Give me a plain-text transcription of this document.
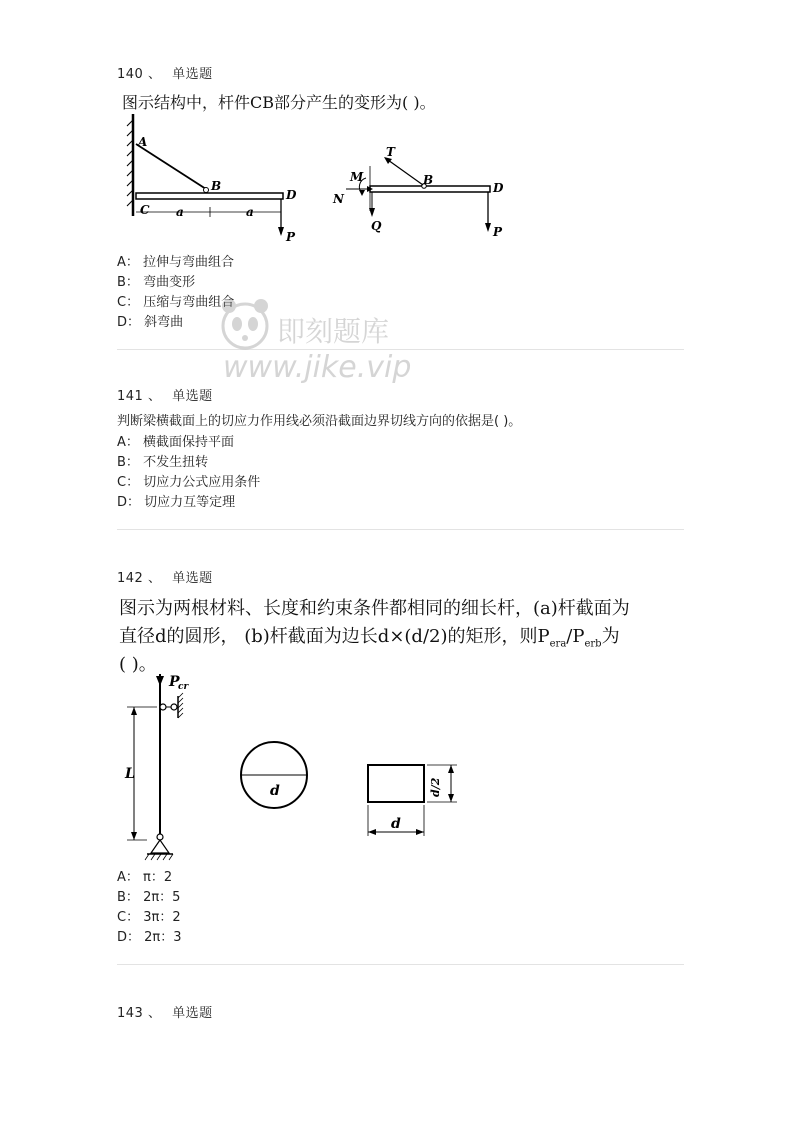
140 、 单选题
图示结构中，杆件CB部分产生的变形为( )。
A
B
C
D
a	a
P
M
T
N
Q
B
D
P
A： 拉伸与弯曲组合
B： 弯曲变形
C： 压缩与弯曲组合
D： 斜弯曲	即刻题库
www.jike.vip
141 、 单选题
判断梁横截面上的切应力作用线必须沿截面边界切线方向的依据是( )。
A： 横截面保持平面
B： 不发生扭转
C： 切应力公式应用条件
D： 切应力互等定理
142 、 单选题
图示为两根材料、长度和约束条件都相同的细长杆，(a)杆截面为
直径d的圆形， (b)杆截面为边长d×(d/2)的矩形，则$P_{era}/P_{erb}$为
( )。
P
cr
L
d
d
d/2
A： π：2
B： 2π：5
C： 3π：2
D： 2π：3
143 、 单选题
